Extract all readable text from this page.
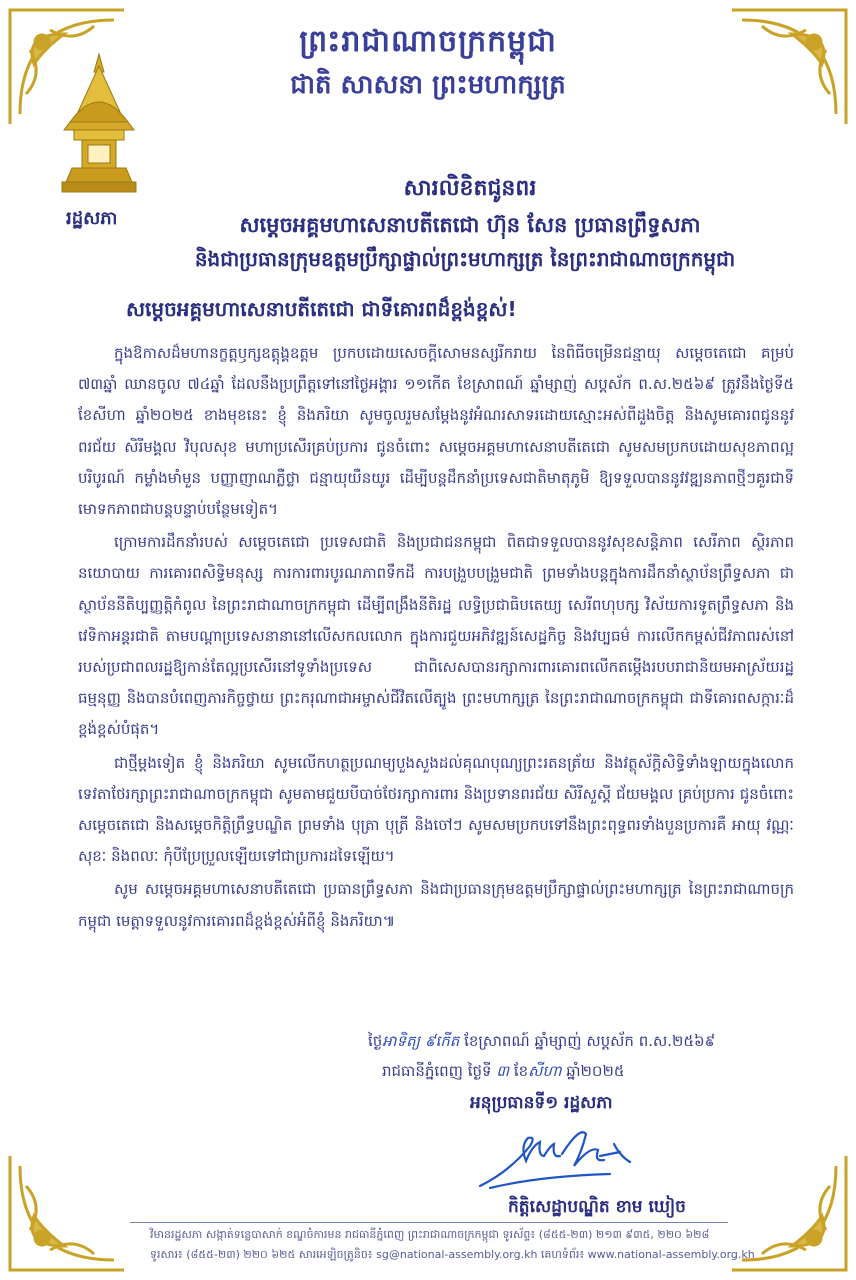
ព្រះរាជាណាចក្រកម្ពុជា
ជាតិ សាសនា ព្រះមហាក្សត្រ
រដ្ឋសភា
សារលិខិតជូនពរ
សម្តេចអគ្គមហាសេនាបតីតេជោ ហ៊ុន សែន ប្រធានព្រឹទ្ធសភា
និងជាប្រធានក្រុមឧត្តមប្រឹក្សាផ្ទាល់ព្រះមហាក្សត្រ នៃព្រះរាជាណាចក្រកម្ពុជា
សម្តេចអគ្គមហាសេនាបតីតេជោ ជាទីគោរពដ៏ខ្ពង់ខ្ពស់!

ក្នុងឱកាសដ៏មហានក្ខត្តឫក្សឧត្តុង្គឧត្តម ប្រកបដោយសេចក្តីសោមនស្សរីករាយ នៃពិធីចម្រើនជន្មាយុ សម្តេចតេជោ គម្រប់ ៧៣ឆ្នាំ ឈានចូល ៧៤ឆ្នាំ ដែលនឹងប្រព្រឹត្តទៅនៅថ្ងៃអង្គារ ១១កើត ខែស្រាពណ៍ ឆ្នាំម្សាញ់ សប្តស័ក ព.ស.២៥៦៩ ត្រូវនឹងថ្ងៃទី៥ ខែសីហា ឆ្នាំ២០២៥ ខាងមុខនេះ ខ្ញុំ និងភរិយា សូមចូលរួមសម្តែងនូវអំណរសាទរដោយស្មោះអស់ពីដួងចិត្ត និងសូមគោរពជូននូវពរជ័យ សិរីមង្គល វិបុលសុខ មហាប្រសើរគ្រប់ប្រការ ជូនចំពោះ សម្តេចអគ្គមហាសេនាបតីតេជោ សូមសមប្រកបដោយសុខភាពល្អបរិបូរណ៍ កម្លាំងមាំមួន បញ្ញាញាណភ្លឺថ្លា ជន្មាយុយឺនយូរ ដើម្បីបន្តដឹកនាំប្រទេសជាតិមាតុភូមិ ឱ្យទទួលបាននូវវឌ្ឍនភាពថ្មីៗគួរជាទីមោទកភាពជាបន្តបន្ទាប់បន្ថែមទៀត។

ក្រោមការដឹកនាំរបស់ សម្តេចតេជោ ប្រទេសជាតិ និងប្រជាជនកម្ពុជា ពិតជាទទួលបាននូវសុខសន្តិភាព សេរីភាព ស្ថិរភាពនយោបាយ ការគោរពសិទ្ធិមនុស្ស ការការពារបូរណភាពទឹកដី ការបង្រួបបង្រួមជាតិ ព្រមទាំងបន្តក្នុងការដឹកនាំស្ថាប័នព្រឹទ្ធសភា ជាស្ថាប័ននីតិប្បញ្ញត្តិកំពូល នៃព្រះរាជាណាចក្រកម្ពុជា ដើម្បីពង្រឹងនីតិរដ្ឋ លទ្ធិប្រជាធិបតេយ្យ សេរីពហុបក្ស វិស័យការទូតព្រឹទ្ធសភា និងវេទិកាអន្តរជាតិ តាមបណ្តាប្រទេសនានានៅលើសកលលោក ក្នុងការជួយអភិវឌ្ឍន៍សេដ្ឋកិច្ច និងវប្បធម៌ ការលើកកម្ពស់ជីវភាពរស់នៅរបស់ប្រជាពលរដ្ឋឱ្យកាន់តែល្អប្រសើរនៅទូទាំងប្រទេស ជាពិសេសបានរក្សាការពារគោរពលើកតម្កើងរបបរាជានិយមអាស្រ័យរដ្ឋធម្មនុញ្ញ និងបានបំពេញភារកិច្ចថ្វាយ ព្រះករុណាជាអម្ចាស់ជីវិតលើត្បូង ព្រះមហាក្សត្រ នៃព្រះរាជាណាចក្រកម្ពុជា ជាទីគោរពសក្ការៈដ៏ខ្ពង់ខ្ពស់បំផុត។

ជាថ្មីម្តងទៀត ខ្ញុំ និងភរិយា សូមលើកហត្ថប្រណម្យបួងសួងដល់គុណបុណ្យព្រះរតនត្រ័យ និងវត្ថុស័ក្តិសិទ្ធិទាំងឡាយក្នុងលោក ទេវតាថែរក្សាព្រះរាជាណាចក្រកម្ពុជា សូមតាមជួយបីបាច់ថែរក្សាការពារ និងប្រទានពរជ័យ សិរីសួស្តី ជ័យមង្គល គ្រប់ប្រការ ជូនចំពោះ សម្តេចតេជោ និងសម្តេចកិត្តិព្រឹទ្ធបណ្ឌិត ព្រមទាំង បុត្រា បុត្រី និងចៅៗ សូមសមប្រកបទៅនឹងព្រះពុទ្ធពរទាំងបួនប្រការគឺ អាយុ វណ្ណៈ សុខៈ និងពលៈ កុំបីប្រែប្រួលឡើយទៅជាប្រការដទៃឡើយ។

សូម សម្តេចអគ្គមហាសេនាបតីតេជោ ប្រធានព្រឹទ្ធសភា និងជាប្រធានក្រុមឧត្តមប្រឹក្សាផ្ទាល់ព្រះមហាក្សត្រ នៃព្រះរាជាណាចក្រកម្ពុជា មេត្តាទទួលនូវការគោរពដ៏ខ្ពង់ខ្ពស់អំពីខ្ញុំ និងភរិយា៕

ថ្ងៃអាទិត្យ ៩កើត ខែស្រាពណ៍ ឆ្នាំម្សាញ់ សប្តស័ក ព.ស.២៥៦៩
រាជធានីភ្នំពេញ ថ្ងៃទី ៣ ខែសីហា ឆ្នាំ២០២៥
អនុប្រធានទី១ រដ្ឋសភា
កិត្តិសេដ្ឋាបណ្ឌិត ខាម ឃៀច
វិមានរដ្ឋសភា សង្កាត់ទន្លេបាសាក់ ខណ្ឌចំការមន រាជធានីភ្នំពេញ ព្រះរាជាណាចក្រកម្ពុជា ទូរស័ព្ទ៖ (៨៥៥-២៣) ២១៣ ៩៣៥, ២២០ ៦២៨
ទូរសារ៖ (៨៥៥-២៣) ២២០ ៦២៥ សារអេឡិចត្រូនិច៖ sg@national-assembly.org.kh គេហទំព័រ៖ www.national-assembly.org.kh
